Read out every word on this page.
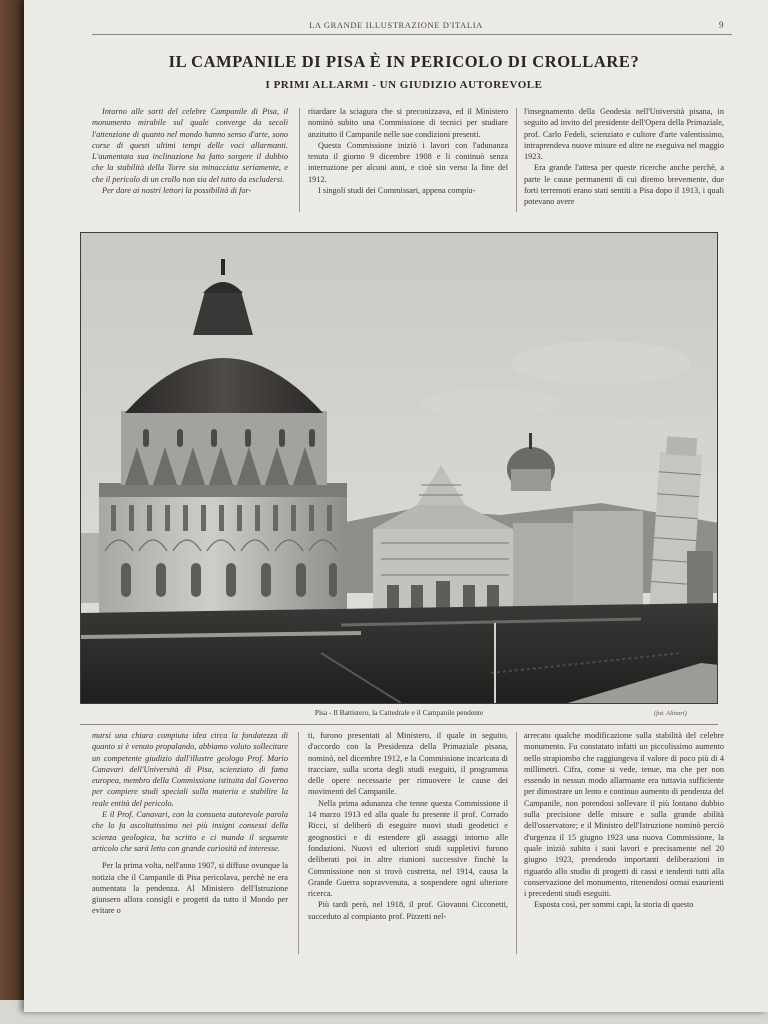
LA GRANDE ILLUSTRAZIONE D'ITALIA	9
IL CAMPANILE DI PISA È IN PERICOLO DI CROLLARE?
I PRIMI ALLARMI - UN GIUDIZIO AUTOREVOLE

Intorno alle sorti del celebre Campanile di Pisa, il monumento mirabile sul quale converge da secoli l'attenzione di quanto nel mondo hanno senso d'arte, sono corse di questi ultimi tempi delle voci allarmanti. L'aumentata sua inclinazione ha fatto sorgere il dubbio che la stabilità della Torre sia minacciata seriamente, e che il pericolo di un crollo non sia del tutto da escludersi.

Per dare ai nostri lettori la possibilità di for-

ritardare la sciagura che si preconizzava, ed il Ministero nominò subito una Commissione di tecnici per studiare anzitutto il Campanile nelle sue condizioni presenti.

Questa Commissione iniziò i lavori con l'adunanza tenuta il giorno 9 dicembre 1908 e li continuò senza interruzione per alcuni anni, e cioè sin verso la fine del 1912.

I singoli studi dei Commissari, appena compiu-

l'insegnamento della Geodesia nell'Università pisana, in seguito ad invito del presidente dell'Opera della Primaziale, prof. Carlo Fedeli, scienziato e cultore d'arte valentissimo, intraprendeva nuove misure ed altre ne eseguiva nel maggio 1923.

Era grande l'attesa per queste ricerche anche perchè, a parte le cause permanenti di cui diremo brevemente, due forti terremoti erano stati sentiti a Pisa dopo il 1913, i quali potevano avere

Pisa - Il Battistero, la Cattedrale e il Campanile pendente	(fot. Alinari)

marsi una chiara compiuta idea circa la fondatezza di quanto si è venuto propalando, abbiamo voluto sollecitare un competente giudizio dall'illustre geologo Prof. Mario Canavari dell'Università di Pisa, scienziato di fama europea, membro della Commissione istituita dal Governo per compiere studi speciali sulla materia e stabilire la reale entità del pericolo.

E il Prof. Canavari, con la consueta autorevole parola che lo fa ascoltatissimo nei più insigni consessi della scienza geologica, ha scritto e ci manda il seguente articolo che sarà letto con grande curiosità ed interesse.

Per la prima volta, nell'anno 1907, si diffuse ovunque la notizia che il Campanile di Pisa pericolava, perchè ne era aumentata la pendenza. Al Ministero dell'Istruzione giunsero allora consigli e progetti da tutto il Mondo per evitare o

ti, furono presentati al Ministero, il quale in seguito, d'accordo con la Presidenza della Primaziale pisana, nominò, nel dicembre 1912, e la Commissione incaricata di tracciare, sulla scorta degli studi eseguiti, il programma delle opere necessarie per rimuovere le cause dei movimenti del Campanile.

Nella prima adunanza che tenne questa Commissione il 14 marzo 1913 ed alla quale fu presente il prof. Corrado Ricci, si deliberò di eseguire nuovi studi geodetici e geognostici e di estendere gli assaggi intorno alle fondazioni. Nuovi ed ulteriori studi suppletivi furono deliberati poi in altre riunioni successive finchè la Commissione non si trovò costretta, nel 1914, causa la Grande Guerra sopravvenuta, a sospendere ogni ulteriore ricerca.

Più tardi però, nel 1918, il prof. Giovanni Cicconetti, succeduto al compianto prof. Pizzetti nel-

arrecato qualche modificazione sulla stabilità del celebre monumento. Fu constatato infatti un piccolissimo aumento nello strapiombo che raggiungeva il valore di poco più di 4 millimetri. Cifra, come si vede, tenue, ma che per non essendo in nessun modo allarmante era tuttavia sufficiente per dimostrare un lento e continuo aumento di pendenza del Campanile, non potendosi sollevare il più lontano dubbio sulla precisione delle misure e sulla grande abilità dell'osservatore; e il Ministro dell'Istruzione nominò perciò d'urgenza il 15 giugno 1923 una nuova Commissione, la quale iniziò subito i suoi lavori e precisamente nel 20 giugno 1923, prendendo importanti deliberazioni in riguardo allo studio di progetti di cassi e tendenti tutti alla conservazione del monumento, ritenendosi ormai esaurienti i precedenti studi eseguiti.

Esposta così, per sommi capi, la storia di questo
